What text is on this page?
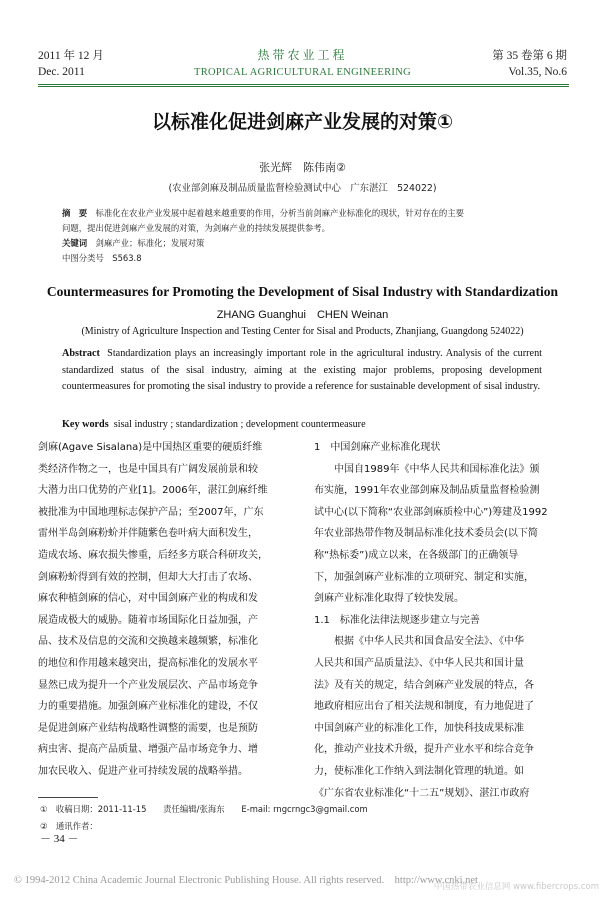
2011 年 12 月	热带农业工程	第 35 卷第 6 期
Dec. 2011	TROPICAL AGRICULTURAL ENGINEERING	Vol.35, No.6
以标准化促进剑麻产业发展的对策①
张光辉　陈伟南②
(农业部剑麻及制品质量监督检验测试中心　广东湛江　524022)
摘　要　 标准化在农业产业发展中起着越来越重要的作用，分析当前剑麻产业标准化的现状，针对存在的主要
问题，提出促进剑麻产业发展的对策，为剑麻产业的持续发展提供参考。
关键词　 剑麻产业；标准化；发展对策
中图分类号　 S563.8
Countermeasures for Promoting the Development of Sisal Industry with Standardization
ZHANG Guanghui　CHEN Weinan
(Ministry of Agriculture Inspection and Testing Center for Sisal and Products, Zhanjiang, Guangdong 524022)
Abstract Standardization plays an increasingly important role in the agricultural industry. Analysis of the current standardized status of the sisal industry, aiming at the existing major problems, proposing development countermeasures for promoting the sisal industry to provide a reference for sustainable development of sisal industry.
Key words sisal industry ; standardization ; development countermeasure
剑麻(Agave Sisalana)是中国热区重要的硬质纤维
类经济作物之一，也是中国具有广阔发展前景和较
大潜力出口优势的产业[1]。2006年，湛江剑麻纤维
被批准为中国地理标志保护产品；至2007年，广东
雷州半岛剑麻粉蚧并伴随紫色卷叶病大面积发生，
造成农场、麻农损失惨重，后经多方联合科研攻关，
剑麻粉蚧得到有效的控制，但却大大打击了农场、
麻农种植剑麻的信心，对中国剑麻产业的构成和发
展造成极大的威胁。随着市场国际化日益加强，产
品、技术及信息的交流和交换越来越频繁，标准化
的地位和作用越来越突出，提高标准化的发展水平
显然已成为提升一个产业发展层次、产品市场竞争
力的重要措施。加强剑麻产业标准化的建设，不仅
是促进剑麻产业结构战略性调整的需要，也是预防
病虫害、提高产品质量、增强产品市场竞争力、增
加农民收入、促进产业可持续发展的战略举措。

1　中国剑麻产业标准化现状

　　中国自1989年《中华人民共和国标准化法》颁
布实施，1991年农业部剑麻及制品质量监督检验测
试中心(以下简称“农业部剑麻质检中心”)筹建及1992
年农业部热带作物及制品标准化技术委员会(以下简
称“热标委”)成立以来，在各级部门的正确领导
下，加强剑麻产业标准的立项研究、制定和实施，
剑麻产业标准化取得了较快发展。

1.1　标准化法律法规逐步建立与完善

　　根据《中华人民共和国食品安全法》、《中华
人民共和国产品质量法》、《中华人民共和国计量
法》及有关的规定，结合剑麻产业发展的特点，各
地政府相应出台了相关法规和制度，有力地促进了
中国剑麻产业的标准化工作，加快科技成果标准
化，推动产业技术升级，提升产业水平和综合竞争
力，使标准化工作纳入到法制化管理的轨道。如
《广东省农业标准化“十二五”规划》、湛江市政府
①　 收稿日期：2011-11-15　　责任编辑/张海东　　E-mail: rngcrngc3@gmail.com
②　 通讯作者：
－ 34 －
© 1994-2012 China Academic Journal Electronic Publishing House. All rights reserved.　http://www.cnki.net
中国热带农业信息网 www.fibercrops.com
